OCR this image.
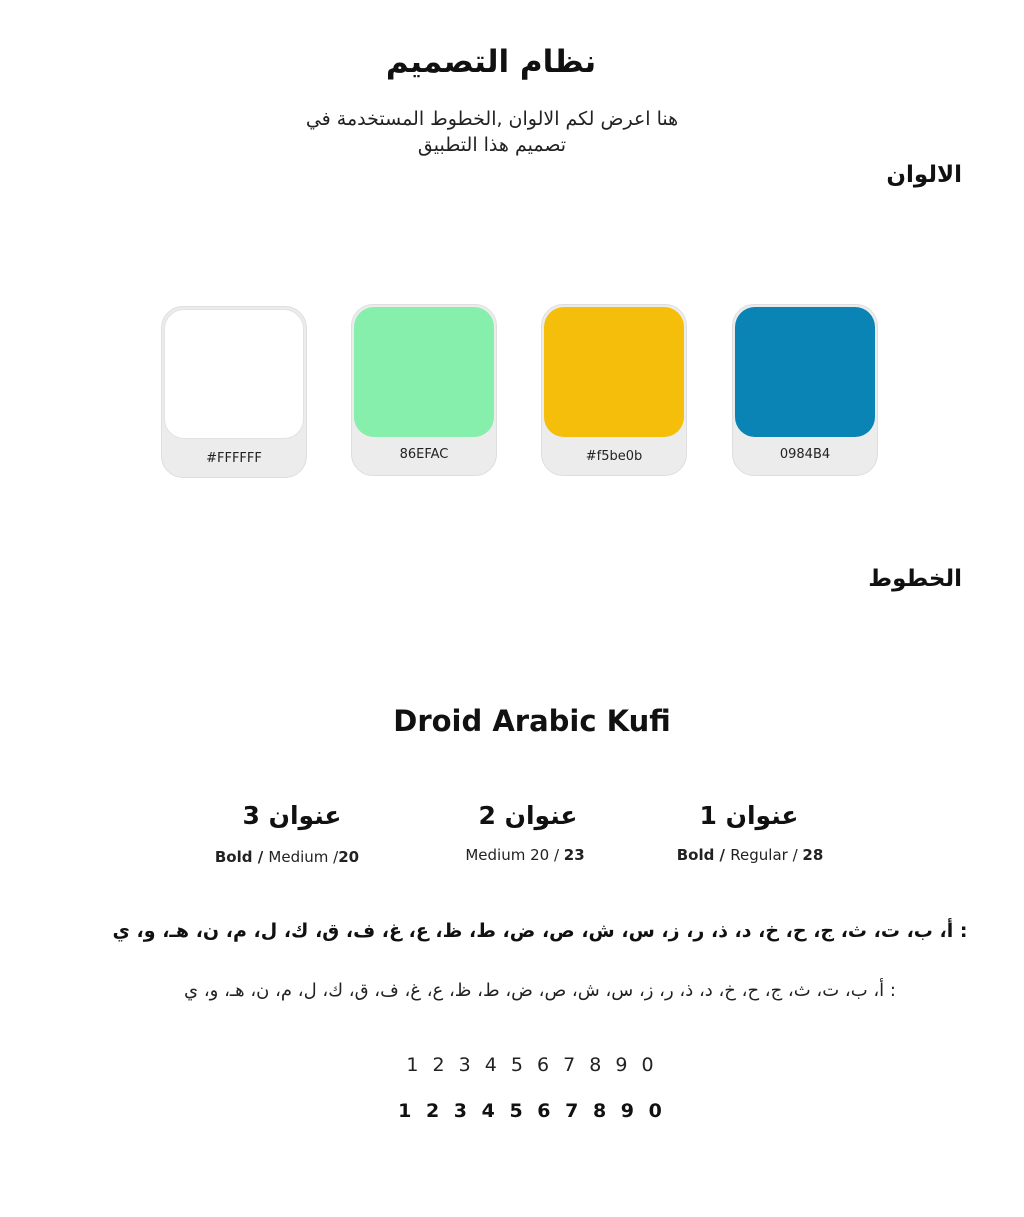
نظام التصميم
هنا اعرض لكم الالوان ,الخطوط المستخدمة في
تصميم هذا التطبيق
الالوان
#FFFFFF	86EFAC	#f5be0b	0984B4
الخطوط
Droid Arabic Kufi
عنوان 3	عنوان 2	عنوان 1
Bold / Medium /20	Medium 20 / 23	Bold / Regular / 28
: أ، ب، ت، ث، ج، ح، خ، د، ذ، ر، ز، س، ش، ص، ض، ط، ظ، ع، غ، ف، ق، ك، ل، م، ن، هـ، و، ي
: أ، ب، ت، ث، ج، ح، خ، د، ذ، ر، ز، س، ش، ص، ض، ط، ظ، ع، غ، ف، ق، ك، ل، م، ن، هـ، و، ي
1 2 3 4 5 6 7 8 9 0
1 2 3 4 5 6 7 8 9 0
